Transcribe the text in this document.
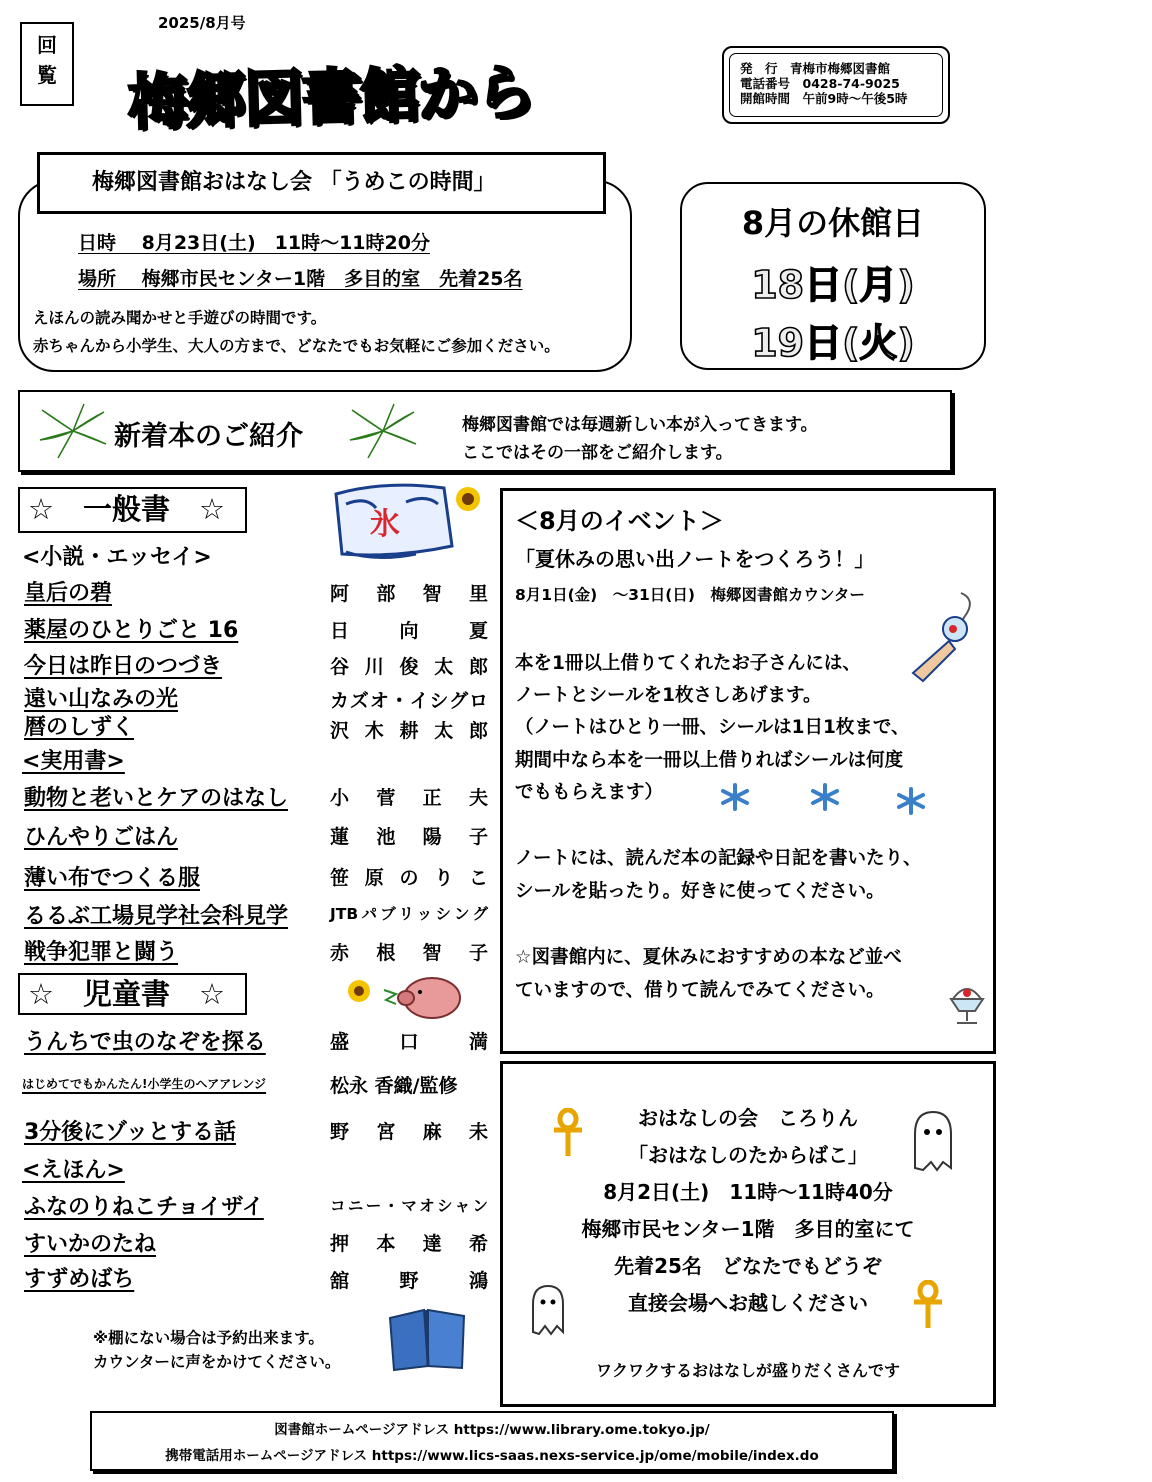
回
覧
2025/8月号
梅郷図書館から	発　行　青梅市梅郷図書館
電話番号　0428-74-9025
開館時間　午前9時～午後5時
梅郷図書館おはなし会 「うめこの時間」
日時　 8月23日(土)　11時～11時20分
場所　 梅郷市民センター1階　多目的室　先着25名
えほんの読み聞かせと手遊びの時間です。
赤ちゃんから小学生、大人の方まで、どなたでもお気軽にご参加ください。
8月の休館日
18日(月)
19日(火)
新着本のご紹介	梅郷図書館では毎週新しい本が入ってきます。
ここではその一部をご紹介します。
☆　一般書　☆	氷
<小説・エッセイ>
皇后の碧	阿部智里
薬屋のひとりごと 16	日向夏
今日は昨日のつづき	谷川俊太郎
遠い山なみの光	カズオ・イシグロ
暦のしずく	沢木耕太郎
<実用書>
動物と老いとケアのはなし 小菅正夫
ひんやりごはん	蓮池陽子
薄い布でつくる服	笹原のりこ
るるぶ工場見学社会科見学	JTBパブリッシング
戦争犯罪と闘う	赤根智子
☆　児童書　☆
うんちで虫のなぞを探る	盛口満
はじめてでもかんたん!小学生のヘアアレンジ	松永 香織/監修
3分後にゾッとする話	野宮麻未
<えほん>
ふなのりねこチョイザイ	コニー・マオシャン
すいかのたね	押本達希
すずめばち	舘野鴻
※棚にない場合は予約出来ます。
カウンターに声をかけてください。
＜8月のイベント＞
「夏休みの思い出ノートをつくろう！」
8月1日(金)　～31日(日)　梅郷図書館カウンター
本を1冊以上借りてくれたお子さんには、
ノートとシールを1枚さしあげます。
（ノートはひとり一冊、シールは1日1枚まで、
期間中なら本を一冊以上借りればシールは何度
でももらえます）
ノートには、読んだ本の記録や日記を書いたり、
シールを貼ったり。好きに使ってください。
☆図書館内に、夏休みにおすすめの本など並べ
ていますので、借りて読んでみてください。
おはなしの会　ころりん
「おはなしのたからばこ」
8月2日(土)　11時～11時40分
梅郷市民センター1階　多目的室にて
先着25名　どなたでもどうぞ
直接会場へお越しください
ワクワクするおはなしが盛りだくさんです
図書館ホームページアドレス https://www.library.ome.tokyo.jp/
携帯電話用ホームページアドレス https://www.lics-saas.nexs-service.jp/ome/mobile/index.do
